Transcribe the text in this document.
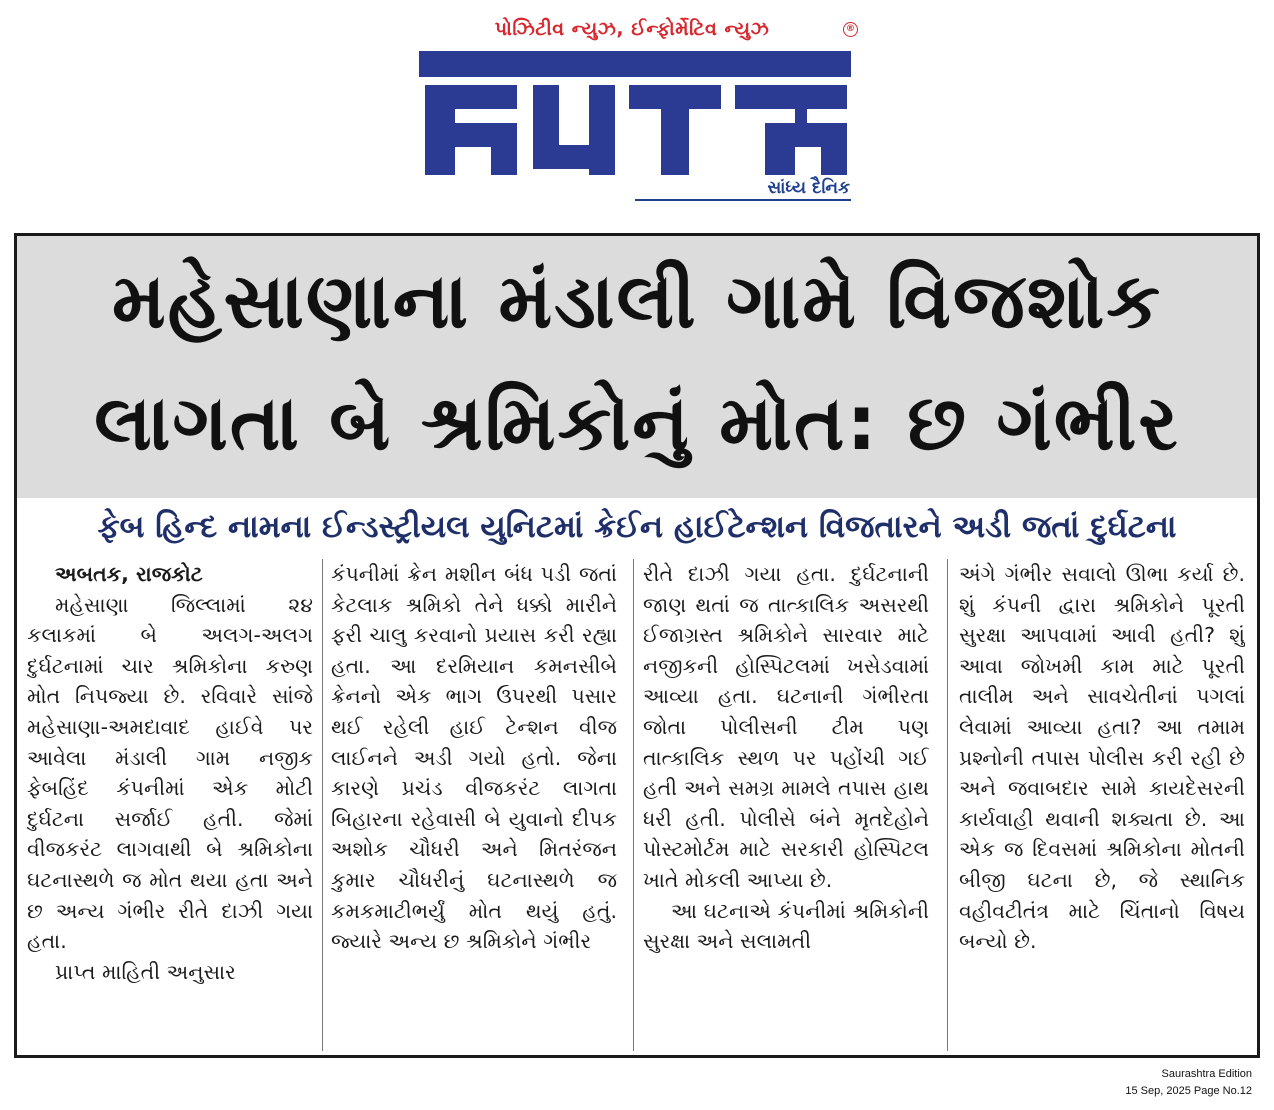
પોઝિટીવ ન્યુઝ, ઈન્ફોર્મેટિવ ન્યુઝ	®
સાંધ્ય દૈનિક
મહેસાણાના મંડાલી ગામે વિજશોક
લાગતા બે શ્રમિકોનું મોત: છ ગંભીર
ફેબ હિન્દ નામના ઈન્ડસ્ટ્રીયલ યુનિટમાં ક્રેઈન હાઈટેન્શન વિજતારને અડી જતાં દુર્ઘટના
અબતક, રાજકોટ
મહેસાણા જિલ્લામાં ૨૪ કલાકમાં બે અલગ-અલગ દુર્ઘટનામાં ચાર શ્રમિકોના કરુણ મોત નિપજ્યા છે. રવિવારે સાંજે મહેસાણા-અમદાવાદ હાઈવે પર આવેલા મંડાલી ગામ નજીક ફેબહિંદ કંપનીમાં એક મોટી દુર્ઘટના સર્જાઈ હતી. જેમાં વીજકરંટ લાગવાથી બે શ્રમિકોના ઘટનાસ્થળે જ મોત થયા હતા અને છ અન્ય ગંભીર રીતે દાઝી ગયા હતા.
પ્રાપ્ત માહિતી અનુસાર
કંપનીમાં ક્રેન મશીન બંધ પડી જતાં કેટલાક શ્રમિકો તેને ધક્કો મારીને ફરી ચાલુ કરવાનો પ્રયાસ કરી રહ્યા હતા. આ દરમિયાન કમનસીબે ક્રેનનો એક ભાગ ઉપરથી પસાર થઈ રહેલી હાઈ ટેન્શન વીજ લાઈનને અડી ગયો હતો. જેના કારણે પ્રચંડ વીજકરંટ લાગતા બિહારના રહેવાસી બે યુવાનો દીપક અશોક ચૌધરી અને મિતરંજન કુમાર ચૌધરીનું ઘટનાસ્થળે જ કમકમાટીભર્યું મોત થયું હતું. જ્યારે અન્ય છ શ્રમિકોને ગંભીર
રીતે દાઝી ગયા હતા. દુર્ઘટનાની જાણ થતાં જ તાત્કાલિક અસરથી ઈજાગ્રસ્ત શ્રમિકોને સારવાર માટે નજીકની હોસ્પિટલમાં ખસેડવામાં આવ્યા હતા. ઘટનાની ગંભીરતા જોતા પોલીસની ટીમ પણ તાત્કાલિક સ્થળ પર પહોંચી ગઈ હતી અને સમગ્ર મામલે તપાસ હાથ ધરી હતી. પોલીસે બંને મૃતદેહોને પોસ્ટમોર્ટમ માટે સરકારી હોસ્પિટલ ખાતે મોકલી આપ્યા છે.
આ ઘટનાએ કંપનીમાં શ્રમિકોની સુરક્ષા અને સલામતી
અંગે ગંભીર સવાલો ઊભા કર્યા છે. શું કંપની દ્વારા શ્રમિકોને પૂરતી સુરક્ષા આપવામાં આવી હતી? શું આવા જોખમી કામ માટે પૂરતી તાલીમ અને સાવચેતીનાં પગલાં લેવામાં આવ્યા હતા? આ તમામ પ્રશ્નોની તપાસ પોલીસ કરી રહી છે અને જવાબદાર સામે કાયદેસરની કાર્યવાહી થવાની શક્યતા છે. આ એક જ દિવસમાં શ્રમિકોના મોતની બીજી ઘટના છે, જે સ્થાનિક વહીવટીતંત્ર માટે ચિંતાનો વિષય બન્યો છે.
Saurashtra Edition
15 Sep, 2025 Page No.12
